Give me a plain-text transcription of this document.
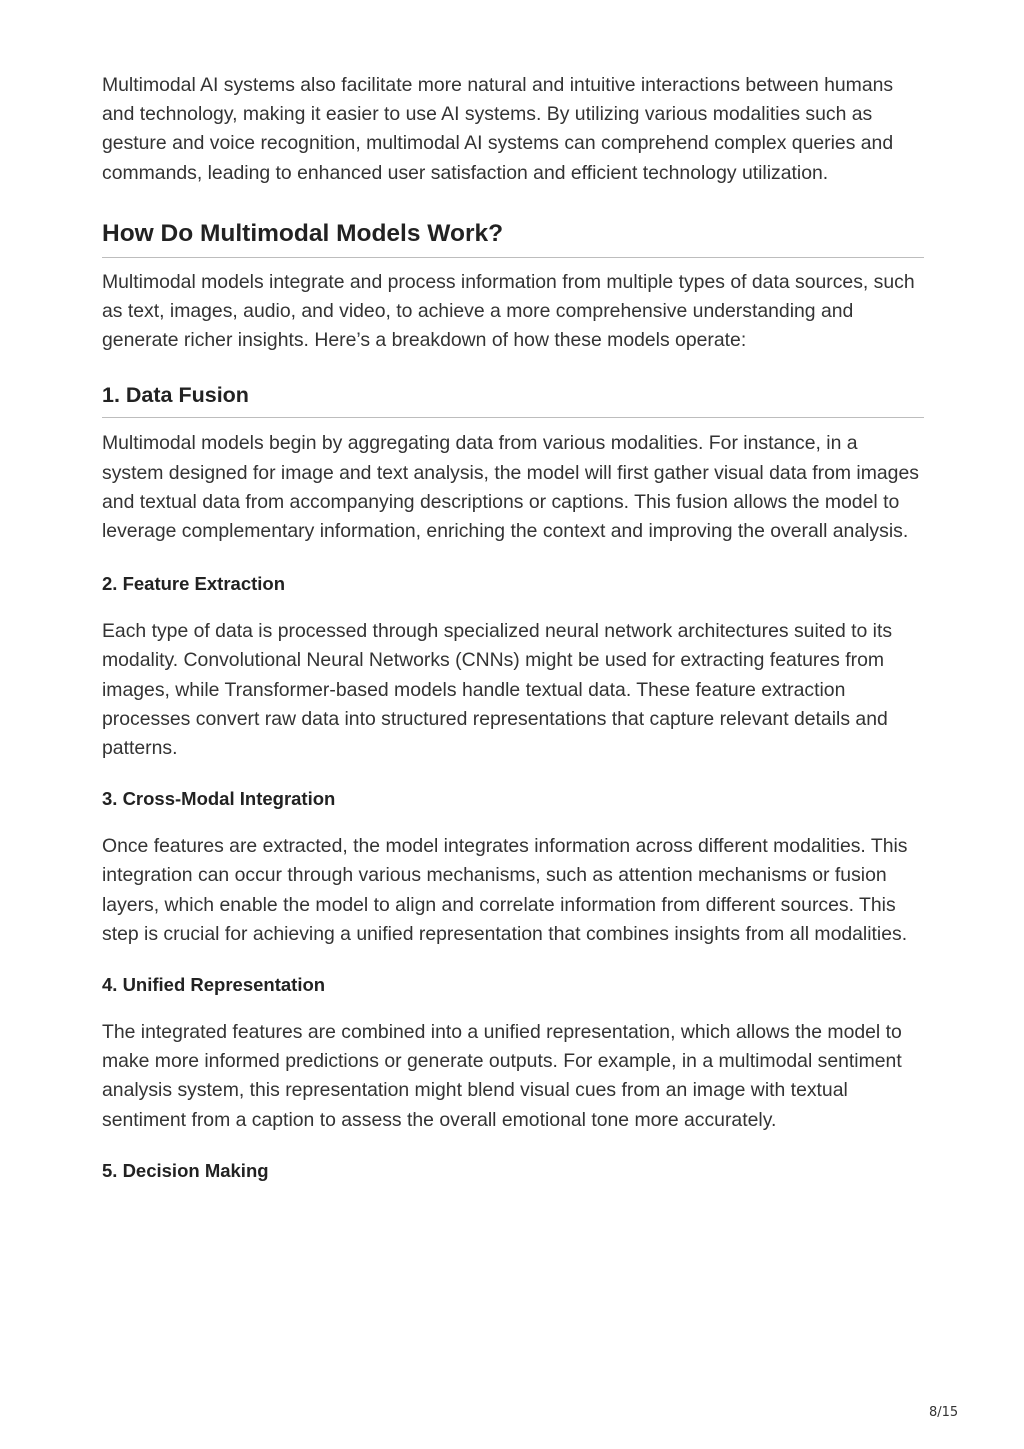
Multimodal AI systems also facilitate more natural and intuitive interactions between humans and technology, making it easier to use AI systems. By utilizing various modalities such as gesture and voice recognition, multimodal AI systems can comprehend complex queries and commands, leading to enhanced user satisfaction and efficient technology utilization.

How Do Multimodal Models Work?

Multimodal models integrate and process information from multiple types of data sources, such as text, images, audio, and video, to achieve a more comprehensive understanding and generate richer insights. Here’s a breakdown of how these models operate:

1. Data Fusion

Multimodal models begin by aggregating data from various modalities. For instance, in a system designed for image and text analysis, the model will first gather visual data from images and textual data from accompanying descriptions or captions. This fusion allows the model to leverage complementary information, enriching the context and improving the overall analysis.

2. Feature Extraction

Each type of data is processed through specialized neural network architectures suited to its modality. Convolutional Neural Networks (CNNs) might be used for extracting features from images, while Transformer-based models handle textual data. These feature extraction processes convert raw data into structured representations that capture relevant details and patterns.

3. Cross-Modal Integration

Once features are extracted, the model integrates information across different modalities. This integration can occur through various mechanisms, such as attention mechanisms or fusion layers, which enable the model to align and correlate information from different sources. This step is crucial for achieving a unified representation that combines insights from all modalities.

4. Unified Representation

The integrated features are combined into a unified representation, which allows the model to make more informed predictions or generate outputs. For example, in a multimodal sentiment analysis system, this representation might blend visual cues from an image with textual sentiment from a caption to assess the overall emotional tone more accurately.

5. Decision Making
8/15
